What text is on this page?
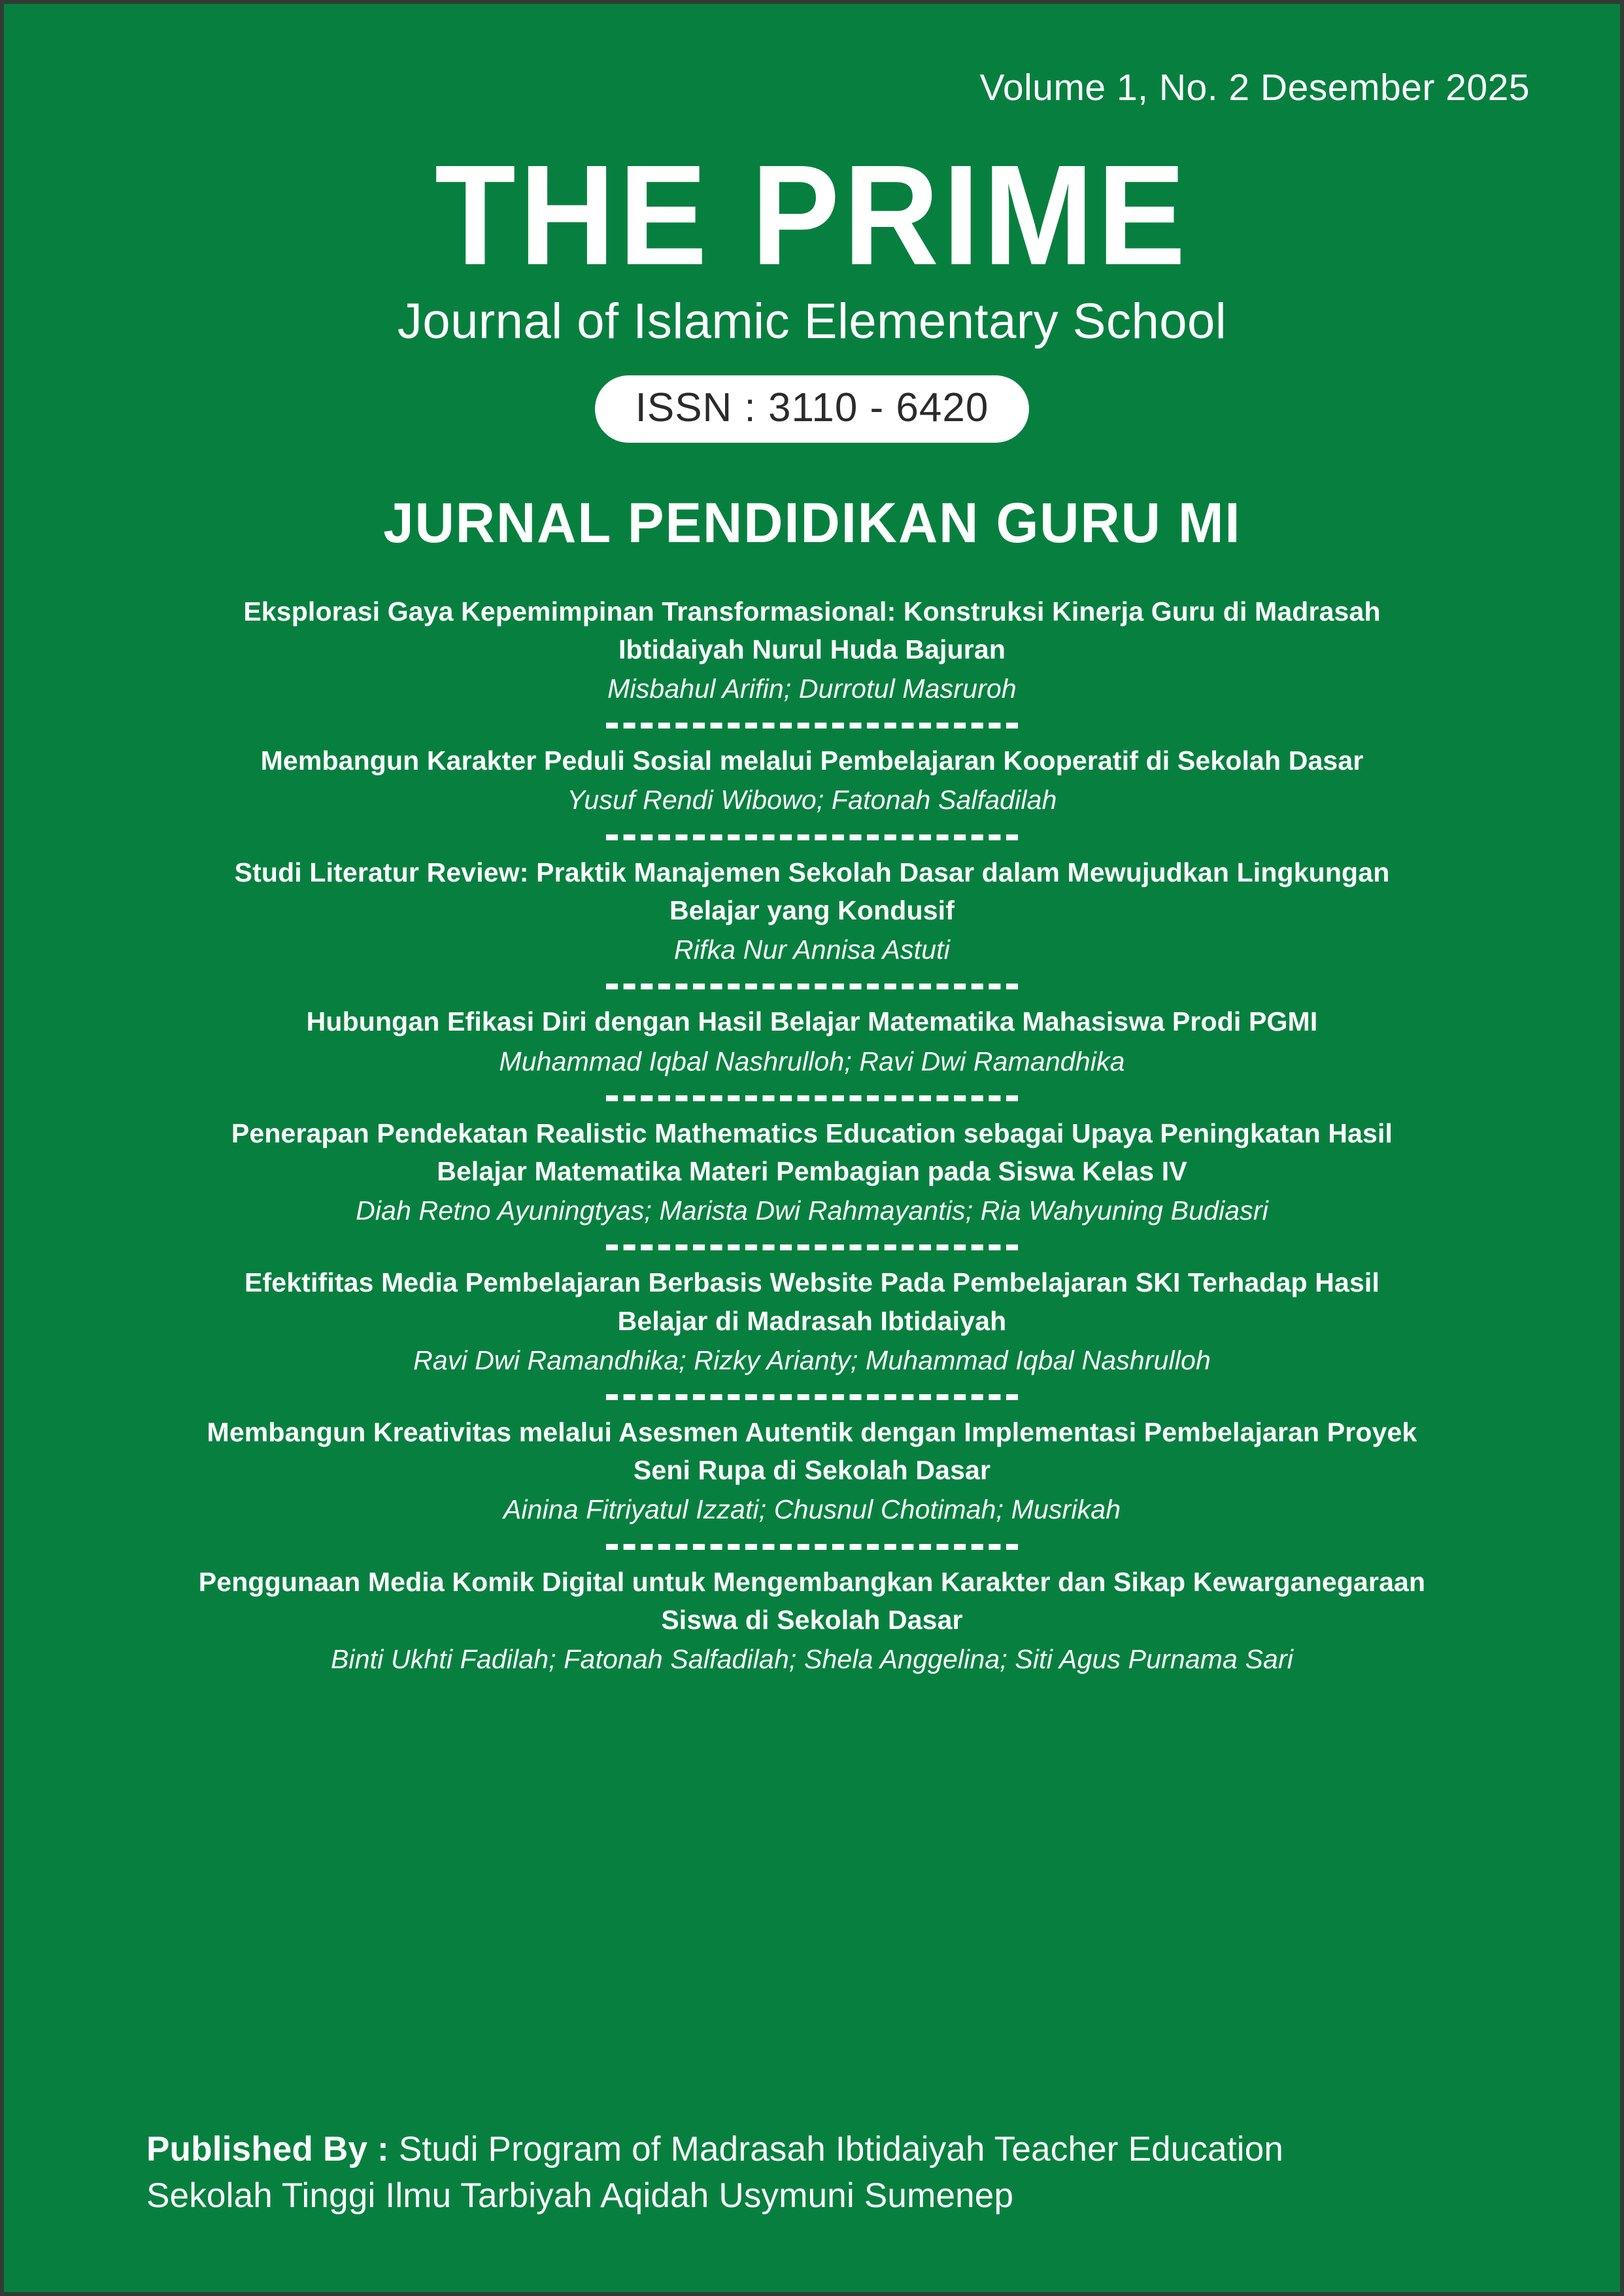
Volume 1, No. 2 Desember 2025
THE PRIME
Journal of Islamic Elementary School
ISSN : 3110 - 6420
JURNAL PENDIDIKAN GURU MI
Eksplorasi Gaya Kepemimpinan Transformasional: Konstruksi Kinerja Guru di Madrasah Ibtidaiyah Nurul Huda Bajuran
Misbahul Arifin; Durrotul Masruroh
Membangun Karakter Peduli Sosial melalui Pembelajaran Kooperatif di Sekolah Dasar
Yusuf Rendi Wibowo; Fatonah Salfadilah
Studi Literatur Review: Praktik Manajemen Sekolah Dasar dalam Mewujudkan Lingkungan Belajar yang Kondusif
Rifka Nur Annisa Astuti
Hubungan Efikasi Diri dengan Hasil Belajar Matematika Mahasiswa Prodi PGMI
Muhammad Iqbal Nashrulloh; Ravi Dwi Ramandhika
Penerapan Pendekatan Realistic Mathematics Education sebagai Upaya Peningkatan Hasil Belajar Matematika Materi Pembagian pada Siswa Kelas IV
Diah Retno Ayuningtyas; Marista Dwi Rahmayantis; Ria Wahyuning Budiasri
Efektifitas Media Pembelajaran Berbasis Website Pada Pembelajaran SKI Terhadap Hasil Belajar di Madrasah Ibtidaiyah
Ravi Dwi Ramandhika; Rizky Arianty; Muhammad Iqbal Nashrulloh
Membangun Kreativitas melalui Asesmen Autentik dengan Implementasi Pembelajaran Proyek Seni Rupa di Sekolah Dasar
Ainina Fitriyatul Izzati; Chusnul Chotimah; Musrikah
Penggunaan Media Komik Digital untuk Mengembangkan Karakter dan Sikap Kewarganegaraan Siswa di Sekolah Dasar
Binti Ukhti Fadilah; Fatonah Salfadilah; Shela Anggelina; Siti Agus Purnama Sari
Published By : Studi Program of Madrasah Ibtidaiyah Teacher Education
Sekolah Tinggi Ilmu Tarbiyah Aqidah Usymuni Sumenep
